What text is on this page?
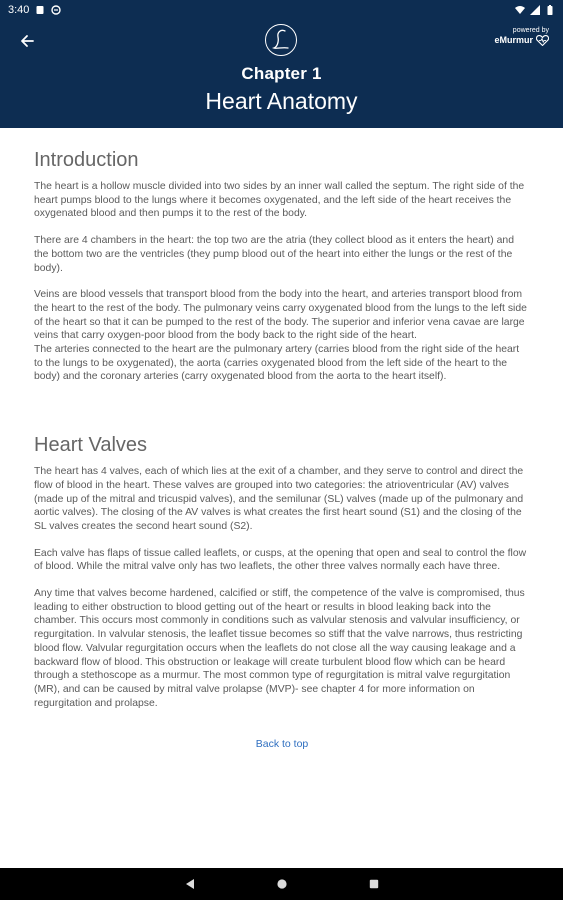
3:40
powered by
eMurmur
Chapter 1
Heart Anatomy
Introduction

The heart is a hollow muscle divided into two sides by an inner wall called the septum. The right side of the heart pumps blood to the lungs where it becomes oxygenated, and the left side of the heart receives the oxygenated blood and then pumps it to the rest of the body.

There are 4 chambers in the heart: the top two are the atria (they collect blood as it enters the heart) and the bottom two are the ventricles (they pump blood out of the heart into either the lungs or the rest of the body).

Veins are blood vessels that transport blood from the body into the heart, and arteries transport blood from the heart to the rest of the body. The pulmonary veins carry oxygenated blood from the lungs to the left side of the heart so that it can be pumped to the rest of the body. The superior and inferior vena cavae are large veins that carry oxygen-poor blood from the body back to the right side of the heart.

The arteries connected to the heart are the pulmonary artery (carries blood from the right side of the heart to the lungs to be oxygenated), the aorta (carries oxygenated blood from the left side of the heart to the body) and the coronary arteries (carry oxygenated blood from the aorta to the heart itself).

Heart Valves

The heart has 4 valves, each of which lies at the exit of a chamber, and they serve to control and direct the flow of blood in the heart. These valves are grouped into two categories: the atrioventricular (AV) valves (made up of the mitral and tricuspid valves), and the semilunar (SL) valves (made up of the pulmonary and aortic valves). The closing of the AV valves is what creates the first heart sound (S1) and the closing of the SL valves creates the second heart sound (S2).

Each valve has flaps of tissue called leaflets, or cusps, at the opening that open and seal to control the flow of blood. While the mitral valve only has two leaflets, the other three valves normally each have three.

Any time that valves become hardened, calcified or stiff, the competence of the valve is compromised, thus leading to either obstruction to blood getting out of the heart or results in blood leaking back into the chamber. This occurs most commonly in conditions such as valvular stenosis and valvular insufficiency, or regurgitation. In valvular stenosis, the leaflet tissue becomes so stiff that the valve narrows, thus restricting blood flow. Valvular regurgitation occurs when the leaflets do not close all the way causing leakage and a backward flow of blood. This obstruction or leakage will create turbulent blood flow which can be heard through a stethoscope as a murmur. The most common type of regurgitation is mitral valve regurgitation (MR), and can be caused by mitral valve prolapse (MVP)- see chapter 4 for more information on regurgitation and prolapse.

Back to top
